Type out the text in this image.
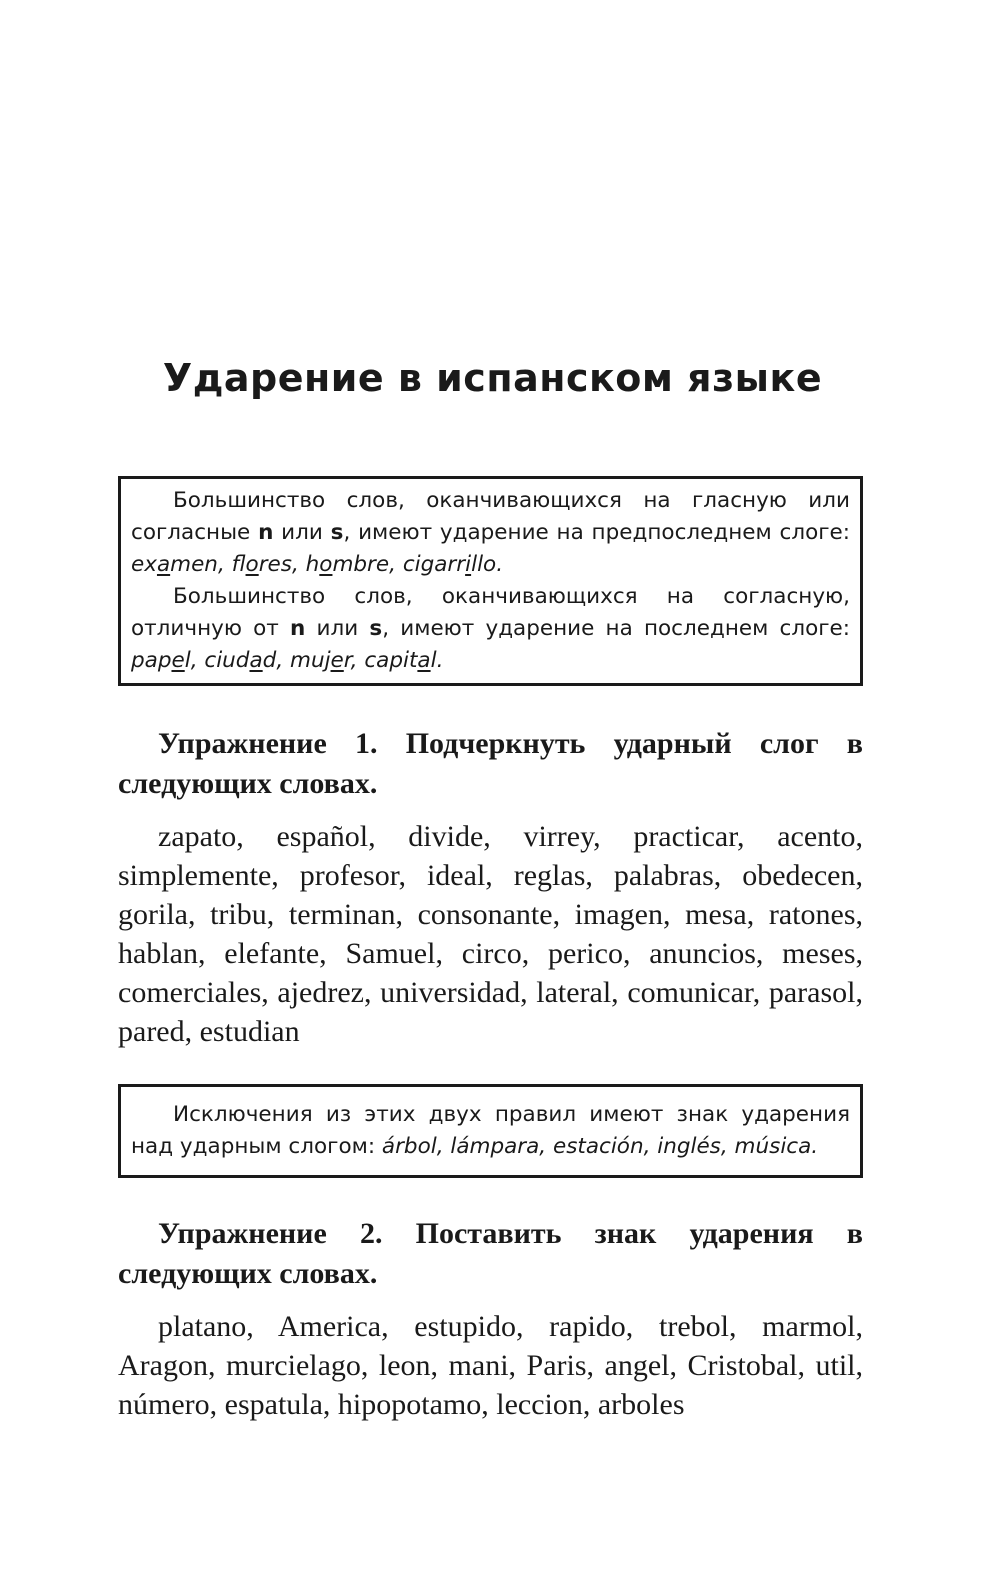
Ударение в испанском языке

Большинство слов, оканчивающихся на гласную или согласные n или s, имеют ударение на предпоследнем слоге: examen, flores, hombre, cigarrillo.

Большинство слов, оканчивающихся на согласную, отличную от n или s, имеют ударение на последнем слоге: papel, ciudad, mujer, capital.

Упражнение 1. Подчеркнуть ударный слог в следующих словах.

zapato, español, divide, virrey, practicar, acento, simplemente, profesor, ideal, reglas, palabras, obedecen, gorila, tribu, terminan, consonante, imagen, mesa, ratones, hablan, elefante, Samuel, circo, perico, anuncios, meses, comerciales, ajedrez, universidad, lateral, comunicar, parasol, pared, estudian

Исключения из этих двух правил имеют знак ударения над ударным слогом: árbol, lámpara, estación, inglés, música.

Упражнение 2. Поставить знак ударения в следующих словах.

platano, America, estupido, rapido, trebol, marmol, Aragon, murcielago, leon, mani, Paris, angel, Cristobal, util, número, espatula, hipopotamo, leccion, arboles
